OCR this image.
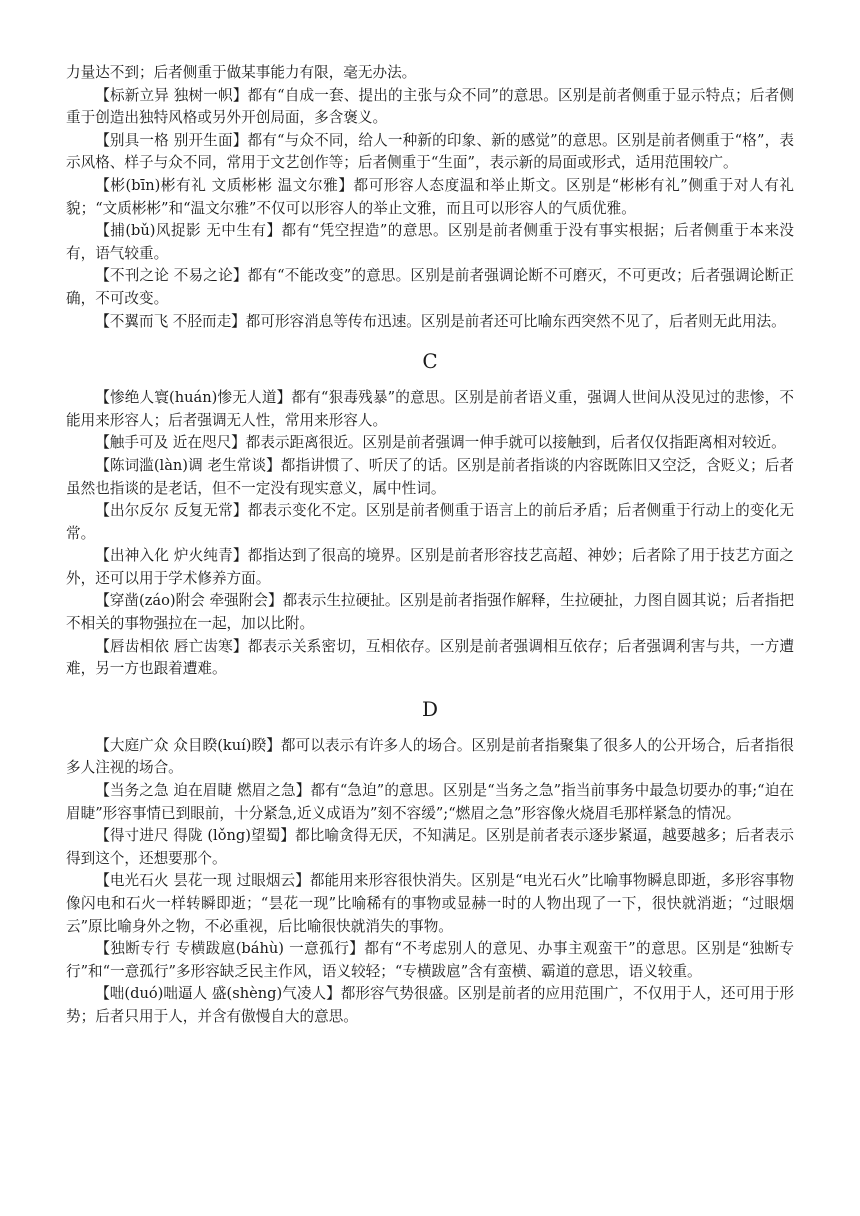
力量达不到；后者侧重于做某事能力有限，毫无办法。

【标新立异 独树一帜】都有“自成一套、提出的主张与众不同”的意思。区别是前者侧重于显示特点；后者侧重于创造出独特风格或另外开创局面，多含褒义。

【别具一格 别开生面】都有“与众不同，给人一种新的印象、新的感觉”的意思。区别是前者侧重于“格”，表示风格、样子与众不同，常用于文艺创作等；后者侧重于“生面”，表示新的局面或形式，适用范围较广。

【彬(bīn)彬有礼 文质彬彬 温文尔雅】都可形容人态度温和举止斯文。区别是“彬彬有礼”侧重于对人有礼貌；“文质彬彬”和“温文尔雅”不仅可以形容人的举止文雅，而且可以形容人的气质优雅。

【捕(bǔ)风捉影 无中生有】都有“凭空捏造”的意思。区别是前者侧重于没有事实根据；后者侧重于本来没有，语气较重。

【不刊之论 不易之论】都有“不能改变”的意思。区别是前者强调论断不可磨灭，不可更改；后者强调论断正确，不可改变。

【不翼而飞 不胫而走】都可形容消息等传布迅速。区别是前者还可比喻东西突然不见了，后者则无此用法。

C

【惨绝人寰(huán)惨无人道】都有“狠毒残暴”的意思。区别是前者语义重，强调人世间从没见过的悲惨，不能用来形容人；后者强调无人性，常用来形容人。

【触手可及 近在咫尺】都表示距离很近。区别是前者强调一伸手就可以接触到，后者仅仅指距离相对较近。

【陈词滥(làn)调 老生常谈】都指讲惯了、听厌了的话。区别是前者指谈的内容既陈旧又空泛，含贬义；后者虽然也指谈的是老话，但不一定没有现实意义，属中性词。

【出尔反尔 反复无常】都表示变化不定。区别是前者侧重于语言上的前后矛盾；后者侧重于行动上的变化无常。

【出神入化 炉火纯青】都指达到了很高的境界。区别是前者形容技艺高超、神妙；后者除了用于技艺方面之外，还可以用于学术修养方面。

【穿凿(záo)附会 牵强附会】都表示生拉硬扯。区别是前者指强作解释，生拉硬扯，力图自圆其说；后者指把不相关的事物强拉在一起，加以比附。

【唇齿相依 唇亡齿寒】都表示关系密切，互相依存。区别是前者强调相互依存；后者强调利害与共，一方遭难，另一方也跟着遭难。

D

【大庭广众 众目睽(kuí)睽】都可以表示有许多人的场合。区别是前者指聚集了很多人的公开场合，后者指很多人注视的场合。

【当务之急 迫在眉睫 燃眉之急】都有“急迫”的意思。区别是“当务之急”指当前事务中最急切要办的事;“迫在眉睫”形容事情已到眼前，十分紧急,近义成语为”刻不容缓”;“燃眉之急”形容像火烧眉毛那样紧急的情况。

【得寸进尺 得陇 (lǒng)望蜀】都比喻贪得无厌，不知满足。区别是前者表示逐步紧逼，越要越多；后者表示得到这个，还想要那个。

【电光石火 昙花一现 过眼烟云】都能用来形容很快消失。区别是“电光石火”比喻事物瞬息即逝，多形容事物像闪电和石火一样转瞬即逝；“昙花一现”比喻稀有的事物或显赫一时的人物出现了一下，很快就消逝；“过眼烟云”原比喻身外之物，不必重视，后比喻很快就消失的事物。

【独断专行 专横跋扈(báhù) 一意孤行】都有“不考虑别人的意见、办事主观蛮干”的意思。区别是“独断专行”和“一意孤行”多形容缺乏民主作风，语义较轻；“专横跋扈”含有蛮横、霸道的意思，语义较重。

【咄(duó)咄逼人 盛(shèng)气凌人】都形容气势很盛。区别是前者的应用范围广，不仅用于人，还可用于形势；后者只用于人，并含有傲慢自大的意思。
